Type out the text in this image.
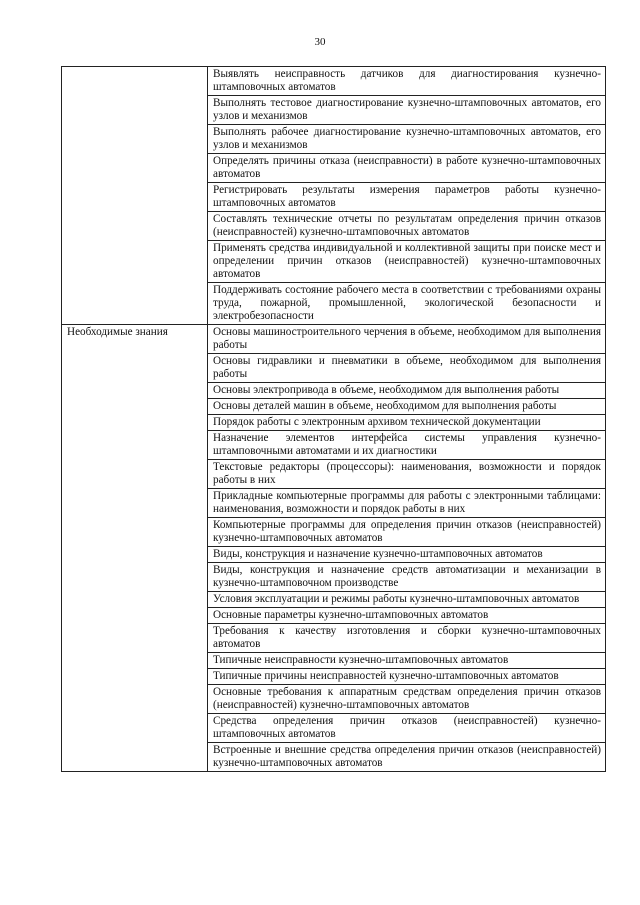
30
	Выявлять неисправность датчиков для диагностирования кузнечно-штамповочных автоматов
	Выполнять тестовое диагностирование кузнечно-штамповочных автоматов, его узлов и механизмов
	Выполнять рабочее диагностирование кузнечно-штамповочных автоматов, его узлов и механизмов
	Определять причины отказа (неисправности) в работе кузнечно-штамповочных автоматов
	Регистрировать результаты измерения параметров работы кузнечно-штамповочных автоматов
	Составлять технические отчеты по результатам определения причин отказов (неисправностей) кузнечно-штамповочных автоматов
	Применять средства индивидуальной и коллективной защиты при поиске мест и определении причин отказов (неисправностей) кузнечно-штамповочных автоматов
	Поддерживать состояние рабочего места в соответствии с требованиями охраны труда, пожарной, промышленной, экологической безопасности и электробезопасности

Необходимые знания	Основы машиностроительного черчения в объеме, необходимом для выполнения работы
	Основы гидравлики и пневматики в объеме, необходимом для выполнения работы
	Основы электропривода в объеме, необходимом для выполнения работы
	Основы деталей машин в объеме, необходимом для выполнения работы
	Порядок работы с электронным архивом технической документации
	Назначение элементов интерфейса системы управления кузнечно-штамповочными автоматами и их диагностики
	Текстовые редакторы (процессоры): наименования, возможности и порядок работы в них
	Прикладные компьютерные программы для работы с электронными таблицами: наименования, возможности и порядок работы в них
	Компьютерные программы для определения причин отказов (неисправностей) кузнечно-штамповочных автоматов
	Виды, конструкция и назначение кузнечно-штамповочных автоматов
	Виды, конструкция и назначение средств автоматизации и механизации в кузнечно-штамповочном производстве
	Условия эксплуатации и режимы работы кузнечно-штамповочных автоматов
	Основные параметры кузнечно-штамповочных автоматов
	Требования к качеству изготовления и сборки кузнечно-штамповочных автоматов
	Типичные неисправности кузнечно-штамповочных автоматов
	Типичные причины неисправностей кузнечно-штамповочных автоматов
	Основные требования к аппаратным средствам определения причин отказов (неисправностей) кузнечно-штамповочных автоматов
	Средства определения причин отказов (неисправностей) кузнечно-штамповочных автоматов
	Встроенные и внешние средства определения причин отказов (неисправностей) кузнечно-штамповочных автоматов
